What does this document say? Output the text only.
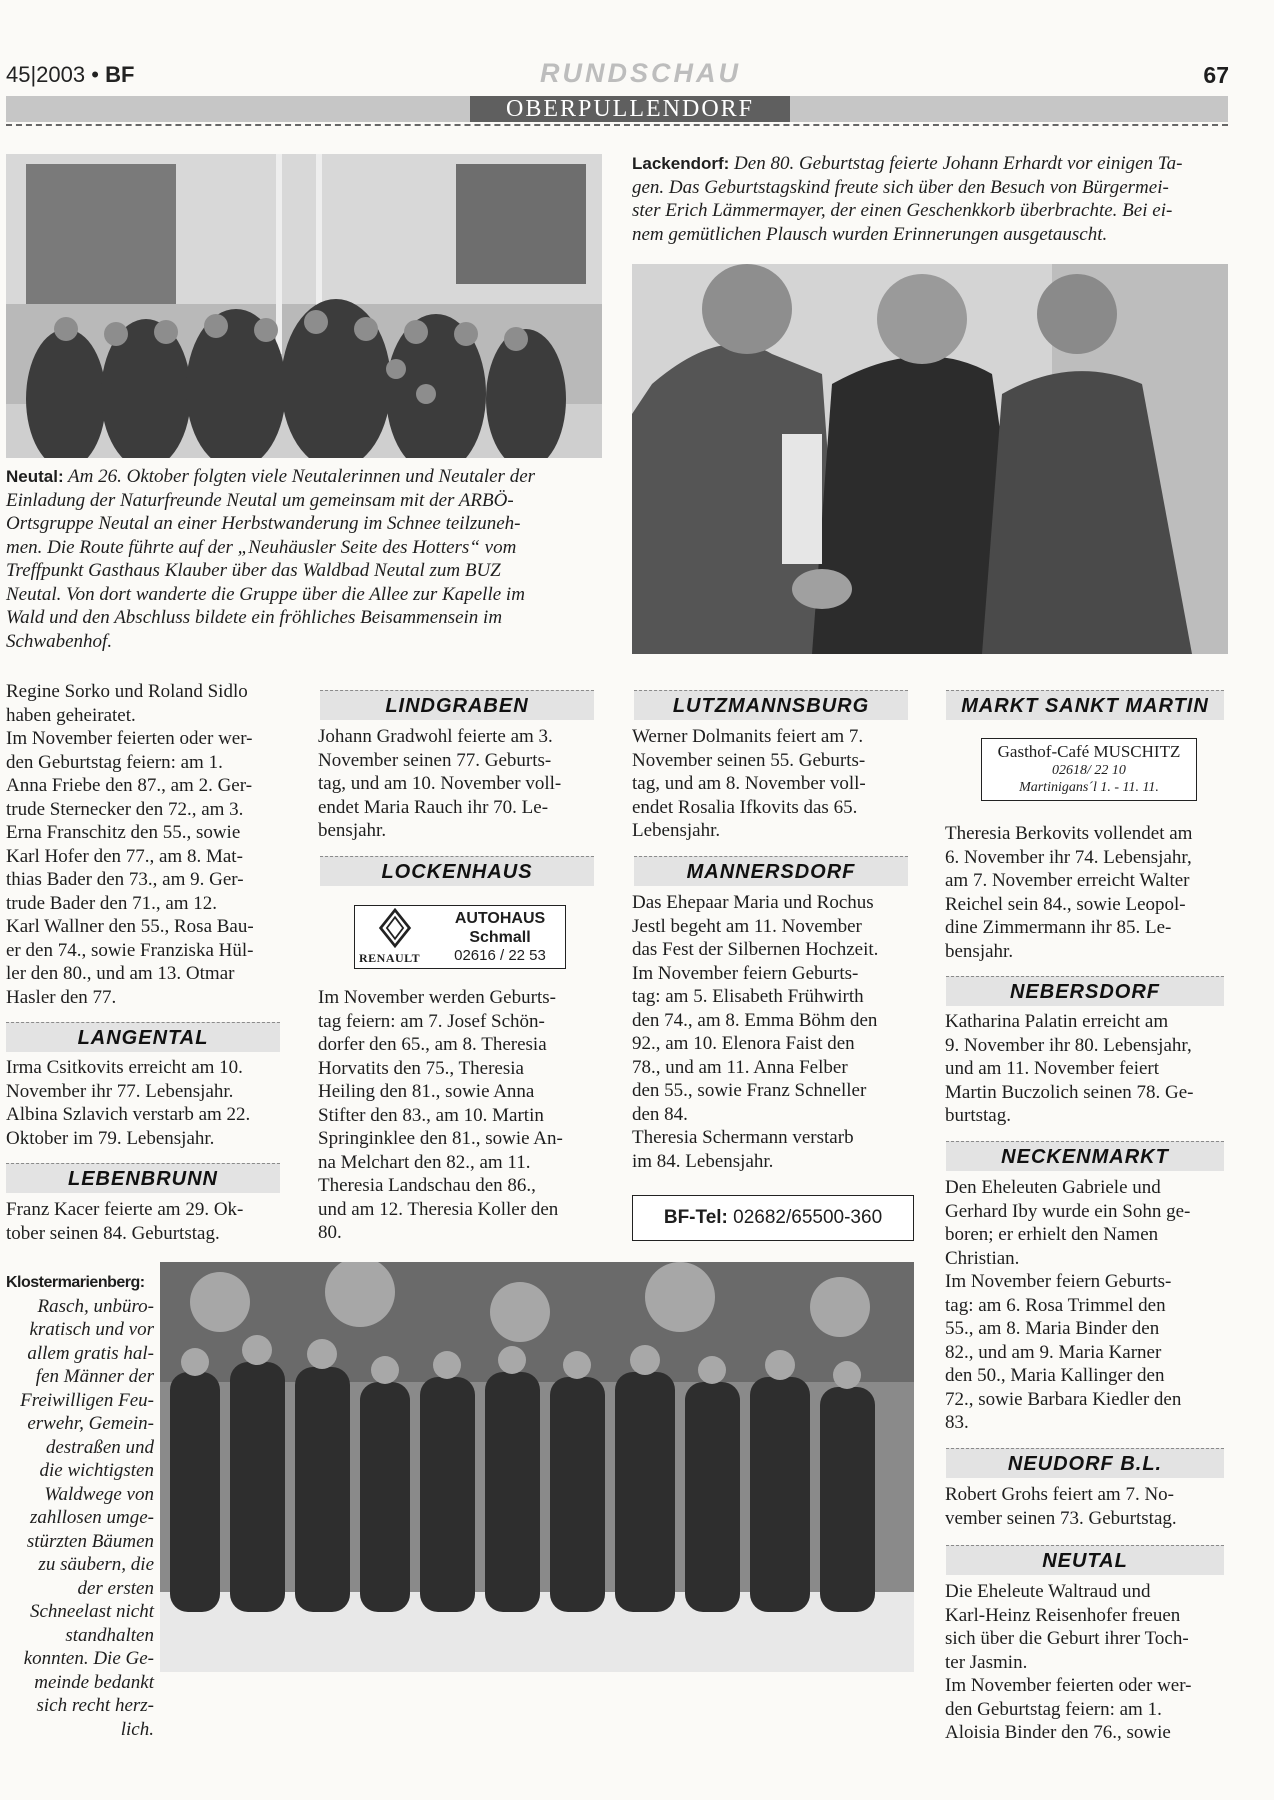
45|2003 • BF	RUNDSCHAU	67
OBERPULLENDORF
Lackendorf: Den 80. Geburtstag feierte Johann Erhardt vor einigen Ta-
gen. Das Geburtstagskind freute sich über den Besuch von Bürgermei-
ster Erich Lämmermayer, der einen Geschenkkorb überbrachte. Bei ei-
nem gemütlichen Plausch wurden Erinnerungen ausgetauscht.
Neutal: Am 26. Oktober folgten viele Neutalerinnen und Neutaler der
Einladung der Naturfreunde Neutal um gemeinsam mit der ARBÖ-
Ortsgruppe Neutal an einer Herbstwanderung im Schnee teilzuneh-
men. Die Route führte auf der „Neuhäusler Seite des Hotters“ vom
Treffpunkt Gasthaus Klauber über das Waldbad Neutal zum BUZ
Neutal. Von dort wanderte die Gruppe über die Allee zur Kapelle im
Wald und den Abschluss bildete ein fröhliches Beisammensein im
Schwabenhof.
Regine Sorko und Roland Sidlo
haben geheiratet.
Im November feierten oder wer-
den Geburtstag feiern: am 1.
Anna Friebe den 87., am 2. Ger-
trude Sternecker den 72., am 3.
Erna Franschitz den 55., sowie
Karl Hofer den 77., am 8. Mat-
thias Bader den 73., am 9. Ger-
trude Bader den 71., am 12.
Karl Wallner den 55., Rosa Bau-
er den 74., sowie Franziska Hül-
ler den 80., und am 13. Otmar
Hasler den 77.
LANGENTAL
Irma Csitkovits erreicht am 10.
November ihr 77. Lebensjahr.
Albina Szlavich verstarb am 22.
Oktober im 79. Lebensjahr.
LEBENBRUNN
Franz Kacer feierte am 29. Ok-
tober seinen 84. Geburtstag.
LINDGRABEN
Johann Gradwohl feierte am 3.
November seinen 77. Geburts-
tag, und am 10. November voll-
endet Maria Rauch ihr 70. Le-
bensjahr.
LOCKENHAUS
RENAULT
AUTOHAUS
Schmall
02616 / 22 53
Im November werden Geburts-
tag feiern: am 7. Josef Schön-
dorfer den 65., am 8. Theresia
Horvatits den 75., Theresia
Heiling den 81., sowie Anna
Stifter den 83., am 10. Martin
Springinklee den 81., sowie An-
na Melchart den 82., am 11.
Theresia Landschau den 86.,
und am 12. Theresia Koller den
80.
LUTZMANNSBURG
Werner Dolmanits feiert am 7.
November seinen 55. Geburts-
tag, und am 8. November voll-
endet Rosalia Ifkovits das 65.
Lebensjahr.
MANNERSDORF
Das Ehepaar Maria und Rochus
Jestl begeht am 11. November
das Fest der Silbernen Hochzeit.
Im November feiern Geburts-
tag: am 5. Elisabeth Frühwirth
den 74., am 8. Emma Böhm den
92., am 10. Elenora Faist den
78., und am 11. Anna Felber
den 55., sowie Franz Schneller
den 84.
Theresia Schermann verstarb
im 84. Lebensjahr.
BF-Tel: 02682/65500-360
MARKT SANKT MARTIN
Gasthof-Café MUSCHITZ
02618/ 22 10
Martinigans´l 1. - 11. 11.
Theresia Berkovits vollendet am
6. November ihr 74. Lebensjahr,
am 7. November erreicht Walter
Reichel sein 84., sowie Leopol-
dine Zimmermann ihr 85. Le-
bensjahr.
NEBERSDORF
Katharina Palatin erreicht am
9. November ihr 80. Lebensjahr,
und am 11. November feiert
Martin Buczolich seinen 78. Ge-
burtstag.
NECKENMARKT
Den Eheleuten Gabriele und
Gerhard Iby wurde ein Sohn ge-
boren; er erhielt den Namen
Christian.
Im November feiern Geburts-
tag: am 6. Rosa Trimmel den
55., am 8. Maria Binder den
82., und am 9. Maria Karner
den 50., Maria Kallinger den
72., sowie Barbara Kiedler den
83.
NEUDORF B.L.
Robert Grohs feiert am 7. No-
vember seinen 73. Geburtstag.
NEUTAL
Die Eheleute Waltraud und
Karl-Heinz Reisenhofer freuen
sich über die Geburt ihrer Toch-
ter Jasmin.
Im November feierten oder wer-
den Geburtstag feiern: am 1.
Aloisia Binder den 76., sowie
Klostermarienberg:
Rasch, unbüro-
kratisch und vor
allem gratis hal-
fen Männer der
Freiwilligen Feu-
erwehr, Gemein-
destraßen und
die wichtigsten
Waldwege von
zahllosen umge-
stürzten Bäumen
zu säubern, die
der ersten
Schneelast nicht
standhalten
konnten. Die Ge-
meinde bedankt
sich recht herz-
lich.
